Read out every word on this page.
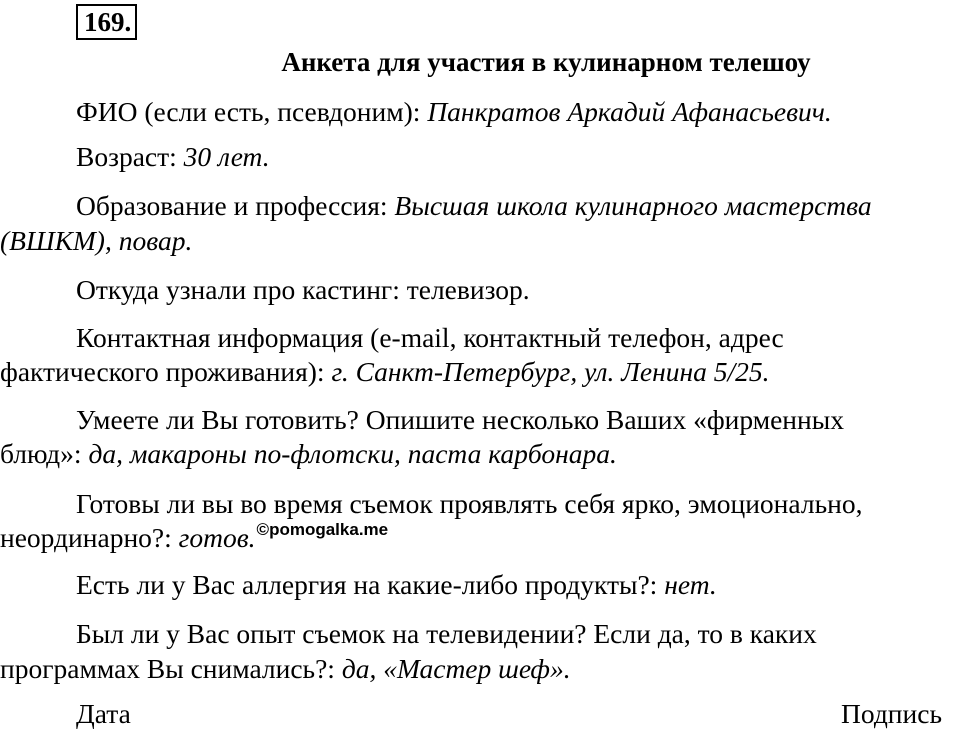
169.
Анкета для участия в кулинарном телешоу
ФИО (если есть, псевдоним): Панкратов Аркадий Афанасьевич.
Возраст: 30 лет.
Образование и профессия: Высшая школа кулинарного мастерства
(ВШКМ), повар.
Откуда узнали про кастинг: телевизор.
Контактная информация (e-mail, контактный телефон, адрес
фактического проживания): г. Санкт-Петербург, ул. Ленина 5/25.
Умеете ли Вы готовить? Опишите несколько Ваших «фирменных
блюд»: да, макароны по-флотски, паста карбонара.
Готовы ли вы во время съемок проявлять себя ярко, эмоционально,
неординарно?: готов.$^{©pomogalka.me}$
Есть ли у Вас аллергия на какие-либо продукты?: нет.
Был ли у Вас опыт съемок на телевидении? Если да, то в каких
программах Вы снимались?: да, «Мастер шеф».
Дата	Подпись
